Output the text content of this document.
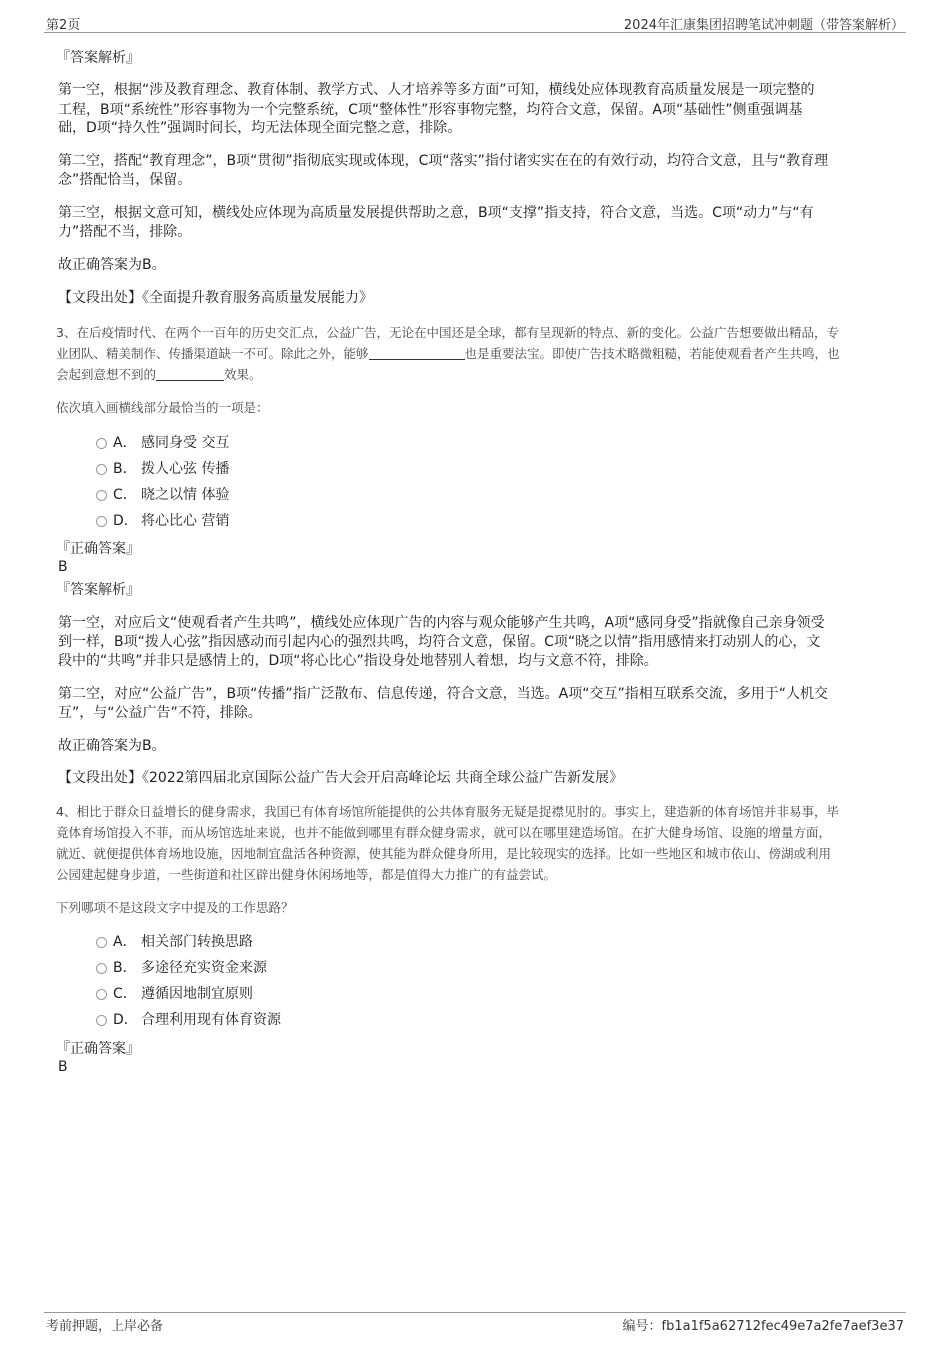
第2页	2024年汇康集团招聘笔试冲刺题（带答案解析）
『答案解析』
第一空，根据“涉及教育理念、教育体制、教学方式、人才培养等多方面”可知，横线处应体现教育高质量发展是一项完整的
工程，B项“系统性”形容事物为一个完整系统，C项“整体性”形容事物完整，均符合文意，保留。A项“基础性”侧重强调基
础，D项“持久性”强调时间长，均无法体现全面完整之意，排除。
第二空，搭配“教育理念”，B项“贯彻”指彻底实现或体现，C项“落实”指付诸实实在在的有效行动，均符合文意，且与“教育理
念”搭配恰当，保留。
第三空，根据文意可知，横线处应体现为高质量发展提供帮助之意，B项“支撑”指支持，符合文意，当选。C项“动力”与“有
力”搭配不当，排除。
故正确答案为B。
【文段出处】《全面提升教育服务高质量发展能力》
3、在后疫情时代、在两个一百年的历史交汇点，公益广告，无论在中国还是全球，都有呈现新的特点、新的变化。公益广告想要做出精品，专
业团队、精美制作、传播渠道缺一不可。除此之外，能够	也是重要法宝。即使广告技术略微粗糙，若能使观看者产生共鸣，也
会起到意想不到的	效果。
依次填入画横线部分最恰当的一项是：
A． 感同身受 交互
B． 拨人心弦 传播
C． 晓之以情 体验
D． 将心比心 营销
『正确答案』
B
『答案解析』
第一空，对应后文“使观看者产生共鸣”，横线处应体现广告的内容与观众能够产生共鸣，A项“感同身受”指就像自己亲身领受
到一样，B项“拨人心弦”指因感动而引起内心的强烈共鸣，均符合文意，保留。C项“晓之以情”指用感情来打动别人的心，文
段中的“共鸣”并非只是感情上的，D项“将心比心”指设身处地替别人着想，均与文意不符，排除。
第二空，对应“公益广告”，B项“传播”指广泛散布、信息传递，符合文意，当选。A项“交互”指相互联系交流，多用于“人机交
互”，与“公益广告”不符，排除。
故正确答案为B。
【文段出处】《2022第四届北京国际公益广告大会开启高峰论坛 共商全球公益广告新发展》
4、相比于群众日益增长的健身需求，我国已有体育场馆所能提供的公共体育服务无疑是捉襟见肘的。事实上，建造新的体育场馆并非易事，毕
竟体育场馆投入不菲，而从场馆选址来说，也并不能做到哪里有群众健身需求，就可以在哪里建造场馆。在扩大健身场馆、设施的增量方面，
就近、就便提供体育场地设施，因地制宜盘活各种资源，使其能为群众健身所用，是比较现实的选择。比如一些地区和城市依山、傍湖或利用
公园建起健身步道，一些街道和社区辟出健身休闲场地等，都是值得大力推广的有益尝试。
下列哪项不是这段文字中提及的工作思路？
A． 相关部门转换思路
B． 多途径充实资金来源
C． 遵循因地制宜原则
D． 合理利用现有体育资源
『正确答案』
B
考前押题，上岸必备	编号：fb1a1f5a62712fec49e7a2fe7aef3e37
